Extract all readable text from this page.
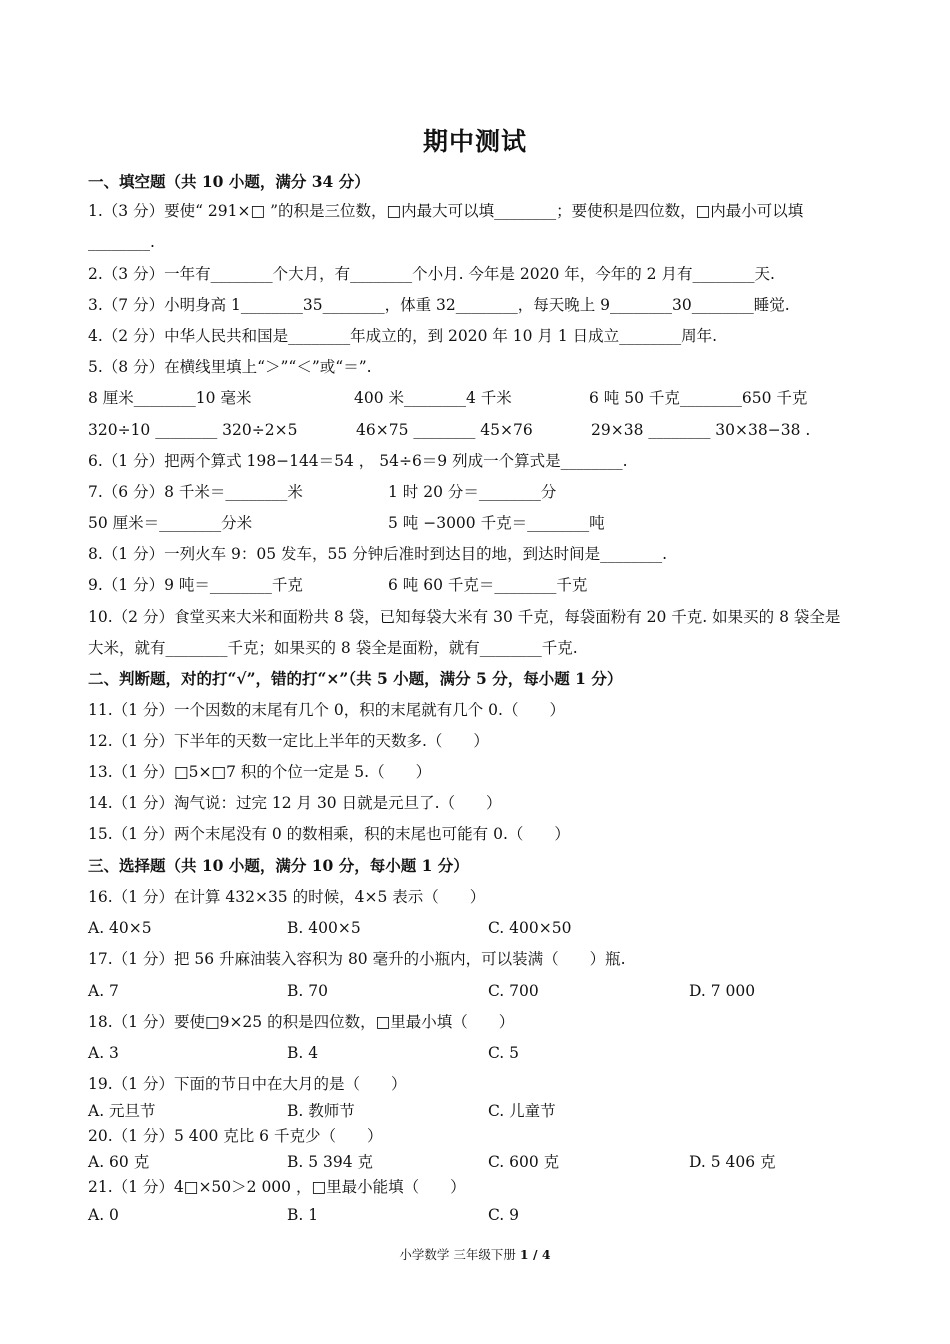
期中测试
一、填空题（共 10 小题，满分 34 分）
1.（3 分）要使“ 291×□ ”的积是三位数，□内最大可以填________；要使积是四位数，□内最小可以填
________.
2.（3 分）一年有________个大月，有________个小月. 今年是 2020 年，今年的 2 月有________天.
3.（7 分）小明身高 1________35________，体重 32________，每天晚上 9________30________睡觉.
4.（2 分）中华人民共和国是________年成立的，到 2020 年 10 月 1 日成立________周年.
5.（8 分）在横线里填上“＞”“＜”或“＝”.
8 厘米________10 毫米	400 米________4 千米	6 吨 50 千克________650 千克
320÷10 ________ 320÷2×5	46×75 ________ 45×76	29×38 ________ 30×38−38 .
6.（1 分）把两个算式 198−144＝54 ， 54÷6＝9 列成一个算式是________.
7.（6 分）8 千米＝________米	1 时 20 分＝________分
50 厘米＝________分米	5 吨 −3000 千克＝________吨
8.（1 分）一列火车 9：05 发车，55 分钟后准时到达目的地，到达时间是________.
9.（1 分）9 吨＝________千克	6 吨 60 千克＝________千克
10.（2 分）食堂买来大米和面粉共 8 袋，已知每袋大米有 30 千克，每袋面粉有 20 千克. 如果买的 8 袋全是
大米，就有________千克；如果买的 8 袋全是面粉，就有________千克.
二、判断题，对的打“√”，错的打“×”（共 5 小题，满分 5 分，每小题 1 分）
11.（1 分）一个因数的末尾有几个 0，积的末尾就有几个 0.（　　）
12.（1 分）下半年的天数一定比上半年的天数多.（　　）
13.（1 分）□5×□7 积的个位一定是 5.（　　）
14.（1 分）淘气说：过完 12 月 30 日就是元旦了.（　　）
15.（1 分）两个末尾没有 0 的数相乘，积的末尾也可能有 0.（　　）
三、选择题（共 10 小题，满分 10 分，每小题 1 分）
16.（1 分）在计算 432×35 的时候，4×5 表示（　　）
A. 40×5	B. 400×5	C. 400×50
17.（1 分）把 56 升麻油装入容积为 80 毫升的小瓶内，可以装满（　　）瓶.
A. 7	B. 70	C. 700	D. 7 000
18.（1 分）要使□9×25 的积是四位数，□里最小填（　　）
A. 3	B. 4	C. 5
19.（1 分）下面的节日中在大月的是（　　）
A. 元旦节	B. 教师节	C. 儿童节
20.（1 分）5 400 克比 6 千克少（　　）
A. 60 克	B. 5 394 克	C. 600 克	D. 5 406 克
21.（1 分）4□×50＞2 000 ，□里最小能填（　　）
A. 0	B. 1	C. 9
小学数学 三年级下册 1 / 4
